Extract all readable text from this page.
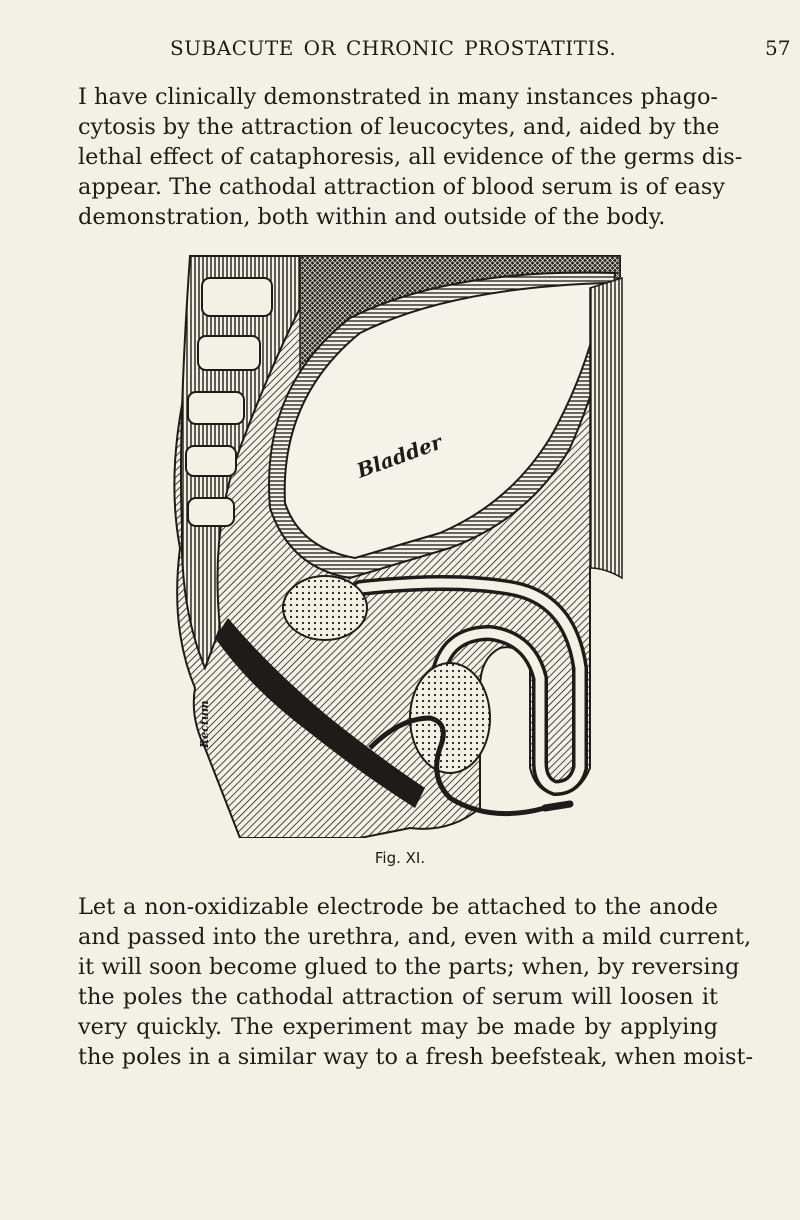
SUBACUTE OR CHRONIC PROSTATITIS.	57
I have clinically demonstrated in many instances phago-
cytosis by the attraction of leucocytes, and, aided by the
lethal effect of cataphoresis, all evidence of the germs dis-
appear. The cathodal attraction of blood serum is of easy
demonstration, both within and outside of the body.
Bladder
Rectum
Fig. XI.
Let a non-oxidizable electrode be attached to the anode
and passed into the urethra, and, even with a mild current,
it will soon become glued to the parts; when, by reversing
the poles the cathodal attraction of serum will loosen it
very quickly. The experiment may be made by applying
the poles in a similar way to a fresh beefsteak, when moist-
